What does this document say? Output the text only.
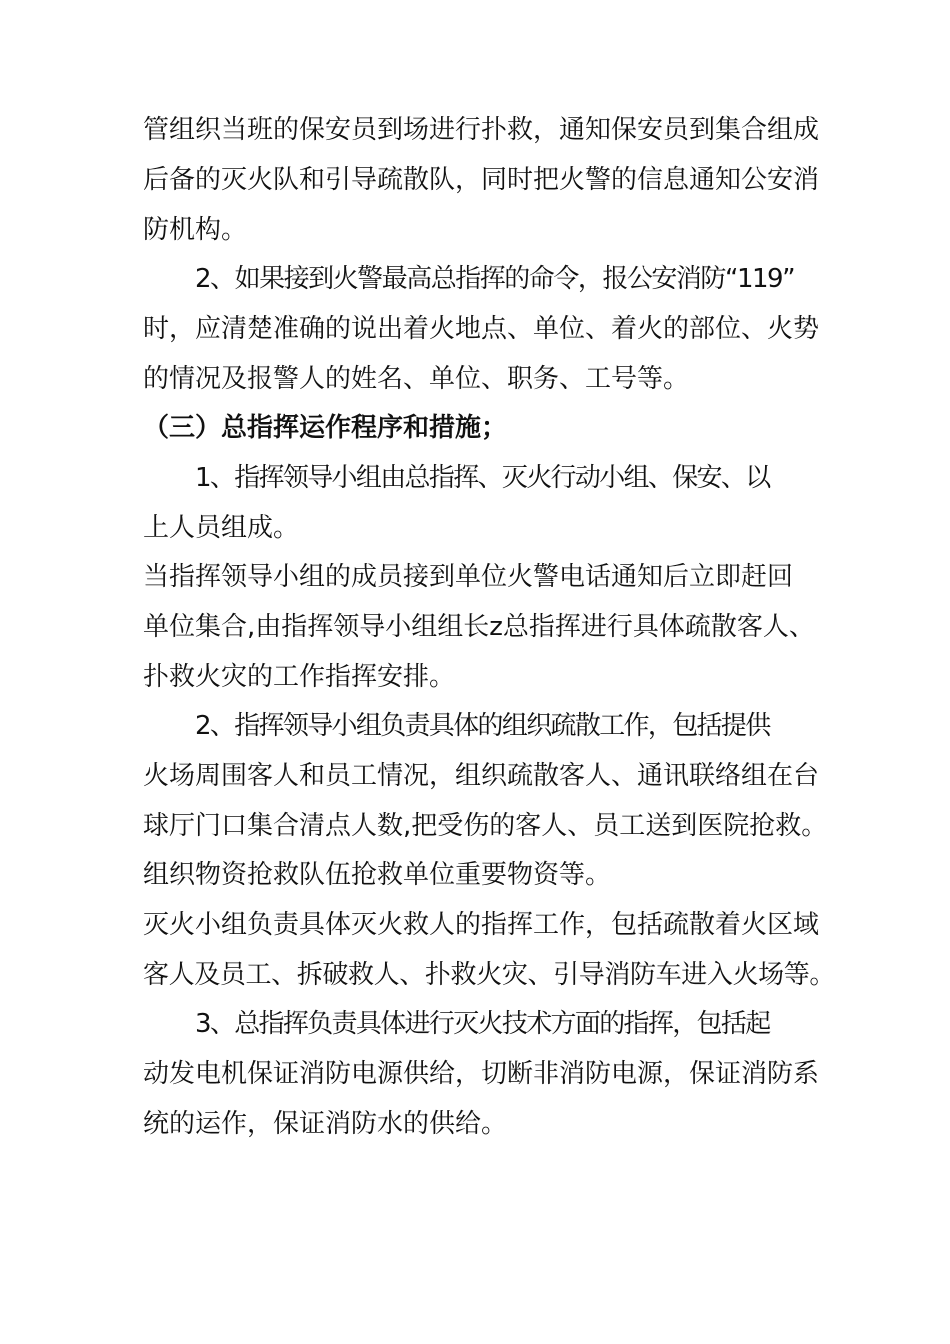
管组织当班的保安员到场进行扑救，通知保安员到集合组成
后备的灭火队和引导疏散队，同时把火警的信息通知公安消
防机构。
2、如果接到火警最高总指挥的命令，报公安消防“119”
时，应清楚准确的说出着火地点、单位、着火的部位、火势
的情况及报警人的姓名、单位、职务、工号等。
（三）总指挥运作程序和措施；
1、指挥领导小组由总指挥、灭火行动小组、保安、以
上人员组成。
当指挥领导小组的成员接到单位火警电话通知后立即赶回
单位集合,由指挥领导小组组长z总指挥进行具体疏散客人、
扑救火灾的工作指挥安排。
2、指挥领导小组负责具体的组织疏散工作，包括提供
火场周围客人和员工情况，组织疏散客人、通讯联络组在台
球厅门口集合清点人数,把受伤的客人、员工送到医院抢救。
组织物资抢救队伍抢救单位重要物资等。
灭火小组负责具体灭火救人的指挥工作，包括疏散着火区域
客人及员工、拆破救人、扑救火灾、引导消防车进入火场等。
3、总指挥负责具体进行灭火技术方面的指挥，包括起
动发电机保证消防电源供给，切断非消防电源，保证消防系
统的运作，保证消防水的供给。
